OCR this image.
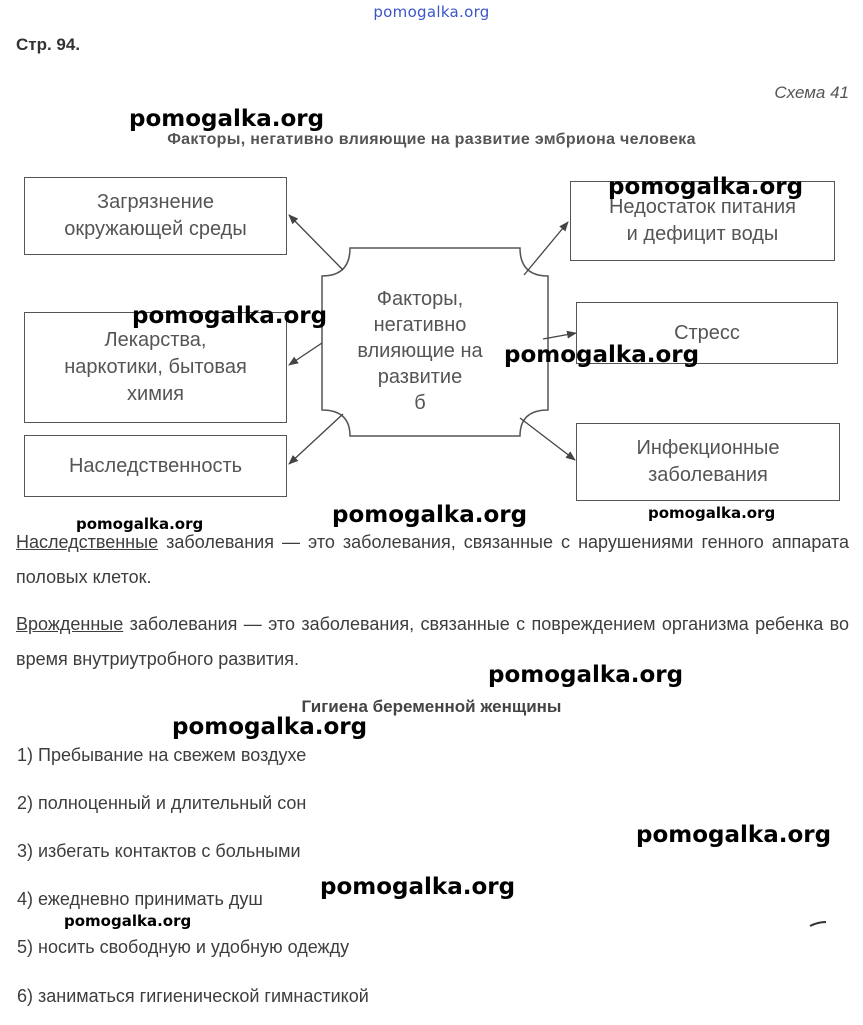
pomogalka.org
Стр. 94.
Схема 41
Факторы, негативно влияющие на развитие эмбриона человека
Факторы,
негативно
влияющие на
развитие
б
Загрязнение
окружающей среды
Лекарства,
наркотики, бытовая
химия
Наследственность
Недостаток питания
и дефицит воды
Стресс
Инфекционные
заболевания
Наследственные заболевания — это заболевания, связанные с нарушениями генного аппарата половых клеток.
Врожденные заболевания — это заболевания, связанные с повреждением организма ребенка во время внутриутробного развития.
Гигиена беременной женщины
1) Пребывание на свежем воздухе
2) полноценный и длительный сон
3) избегать контактов с больными
4) ежедневно принимать душ
5) носить свободную и удобную одежду
6) заниматься гигиенической гимнастикой
pomogalka.org
pomogalka.org
pomogalka.org
pomogalka.org
pomogalka.org	pomogalka.org	pomogalka.org
pomogalka.org
pomogalka.org
pomogalka.org
pomogalka.org
pomogalka.org
